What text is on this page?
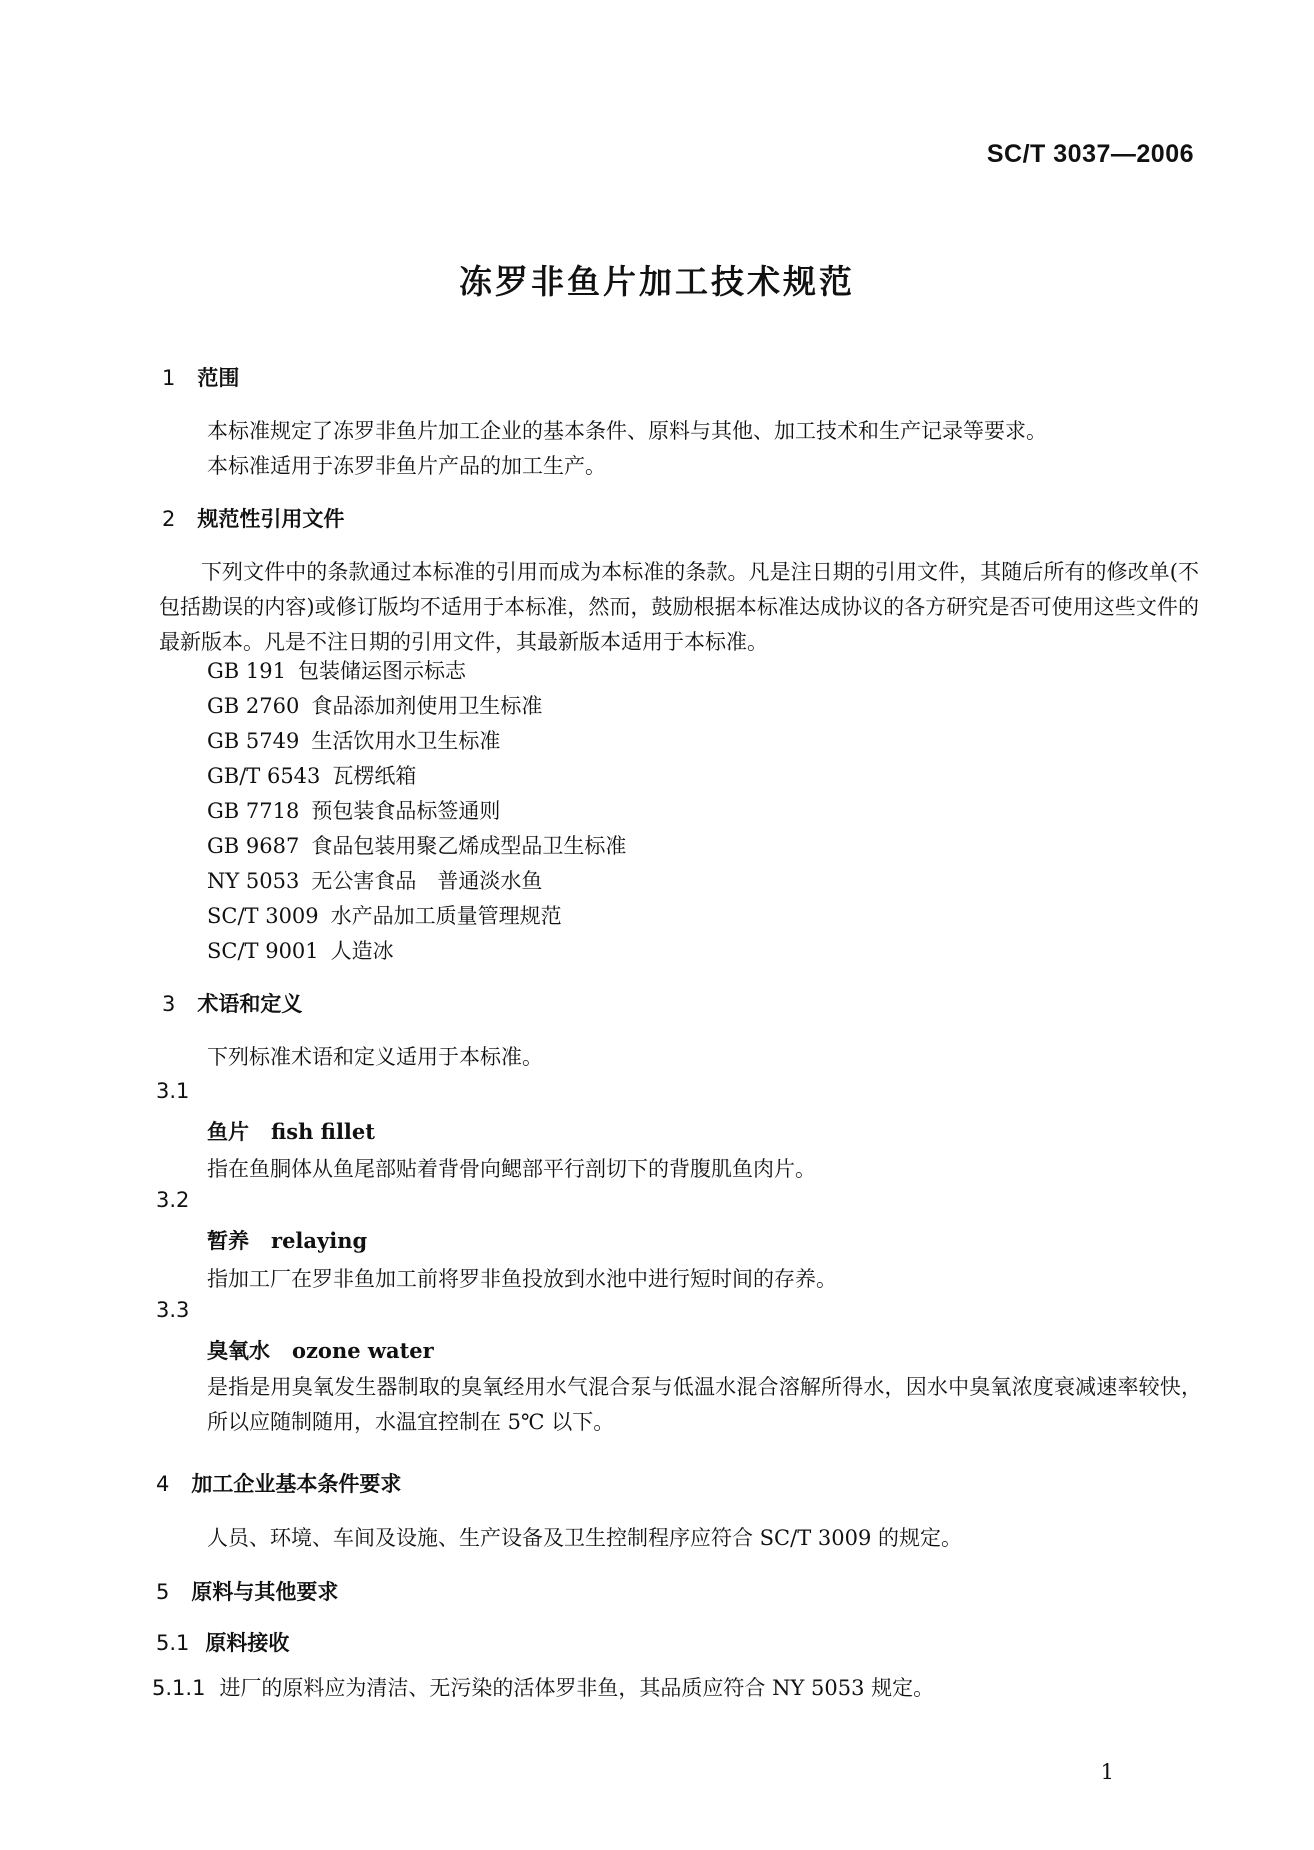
SC/T 3037—2006
冻罗非鱼片加工技术规范
1 范围
本标准规定了冻罗非鱼片加工企业的基本条件、原料与其他、加工技术和生产记录等要求。
本标准适用于冻罗非鱼片产品的加工生产。
2 规范性引用文件
下列文件中的条款通过本标准的引用而成为本标准的条款。凡是注日期的引用文件，其随后所有的修改单(不包括勘误的内容)或修订版均不适用于本标准，然而，鼓励根据本标准达成协议的各方研究是否可使用这些文件的最新版本。凡是不注日期的引用文件，其最新版本适用于本标准。
GB 191 包装储运图示标志
GB 2760 食品添加剂使用卫生标准
GB 5749 生活饮用水卫生标准
GB/T 6543 瓦楞纸箱
GB 7718 预包装食品标签通则
GB 9687 食品包装用聚乙烯成型品卫生标准
NY 5053 无公害食品　普通淡水鱼
SC/T 3009 水产品加工质量管理规范
SC/T 9001 人造冰
3 术语和定义
下列标准术语和定义适用于本标准。
3.1
鱼片 fish fillet
指在鱼胴体从鱼尾部贴着背骨向鳃部平行剖切下的背腹肌鱼肉片。
3.2
暂养 relaying
指加工厂在罗非鱼加工前将罗非鱼投放到水池中进行短时间的存养。
3.3
臭氧水 ozone water
是指是用臭氧发生器制取的臭氧经用水气混合泵与低温水混合溶解所得水，因水中臭氧浓度衰减速率较快，所以应随制随用，水温宜控制在 5℃ 以下。
4 加工企业基本条件要求
人员、环境、车间及设施、生产设备及卫生控制程序应符合 SC/T 3009 的规定。
5 原料与其他要求
5.1 原料接收
5.1.1 进厂的原料应为清洁、无污染的活体罗非鱼，其品质应符合 NY 5053 规定。
1
